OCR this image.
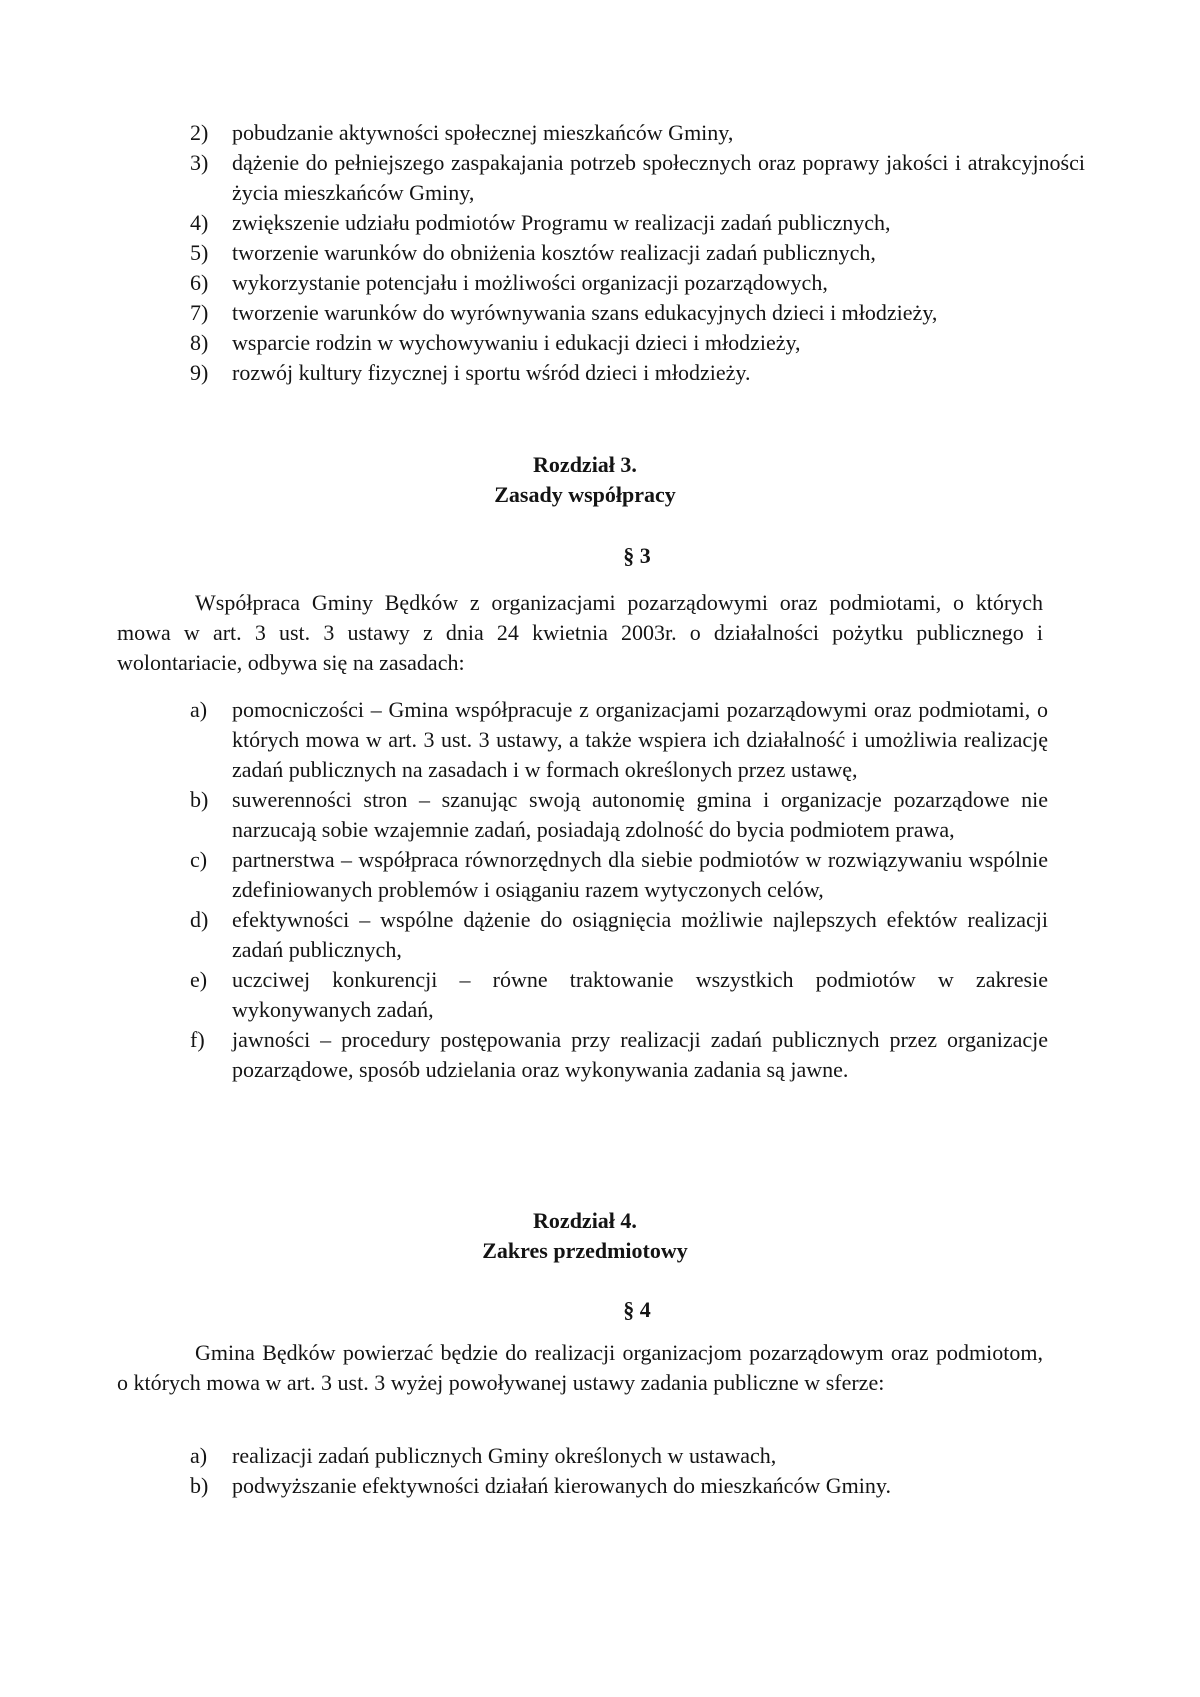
2) pobudzanie aktywności społecznej mieszkańców Gminy,
3) dążenie do pełniejszego zaspakajania potrzeb społecznych oraz poprawy jakości i atrakcyjności życia mieszkańców Gminy,
4) zwiększenie udziału podmiotów Programu w realizacji zadań publicznych,
5) tworzenie warunków do obniżenia kosztów realizacji zadań publicznych,
6) wykorzystanie potencjału i możliwości organizacji pozarządowych,
7) tworzenie warunków do wyrównywania szans edukacyjnych dzieci i młodzieży,
8) wsparcie rodzin w wychowywaniu i edukacji dzieci i młodzieży,
9) rozwój kultury fizycznej i sportu wśród dzieci i młodzieży.
Rozdział 3.
Zasady współpracy
§ 3
Współpraca Gminy Będków z organizacjami pozarządowymi oraz podmiotami, o których mowa w art. 3 ust. 3 ustawy z dnia 24 kwietnia 2003r. o działalności pożytku publicznego i wolontariacie, odbywa się na zasadach:
a) pomocniczości – Gmina współpracuje z organizacjami pozarządowymi oraz podmiotami, o których mowa w art. 3 ust. 3 ustawy, a także wspiera ich działalność i umożliwia realizację zadań publicznych na zasadach i w formach określonych przez ustawę,
b) suwerenności stron – szanując swoją autonomię gmina i organizacje pozarządowe nie narzucają sobie wzajemnie zadań, posiadają zdolność do bycia podmiotem prawa,
c) partnerstwa – współpraca równorzędnych dla siebie podmiotów w rozwiązywaniu wspólnie zdefiniowanych problemów i osiąganiu razem wytyczonych celów,
d) efektywności – wspólne dążenie do osiągnięcia możliwie najlepszych efektów realizacji zadań publicznych,
e) uczciwej konkurencji – równe traktowanie wszystkich podmiotów w zakresie wykonywanych zadań,
f) jawności – procedury postępowania przy realizacji zadań publicznych przez organizacje pozarządowe, sposób udzielania oraz wykonywania zadania są jawne.
Rozdział 4.
Zakres przedmiotowy
§ 4
Gmina Będków powierzać będzie do realizacji organizacjom pozarządowym oraz podmiotom, o których mowa w art. 3 ust. 3 wyżej powoływanej ustawy zadania publiczne w sferze:
a) realizacji zadań publicznych Gminy określonych w ustawach,
b) podwyższanie efektywności działań kierowanych do mieszkańców Gminy.
